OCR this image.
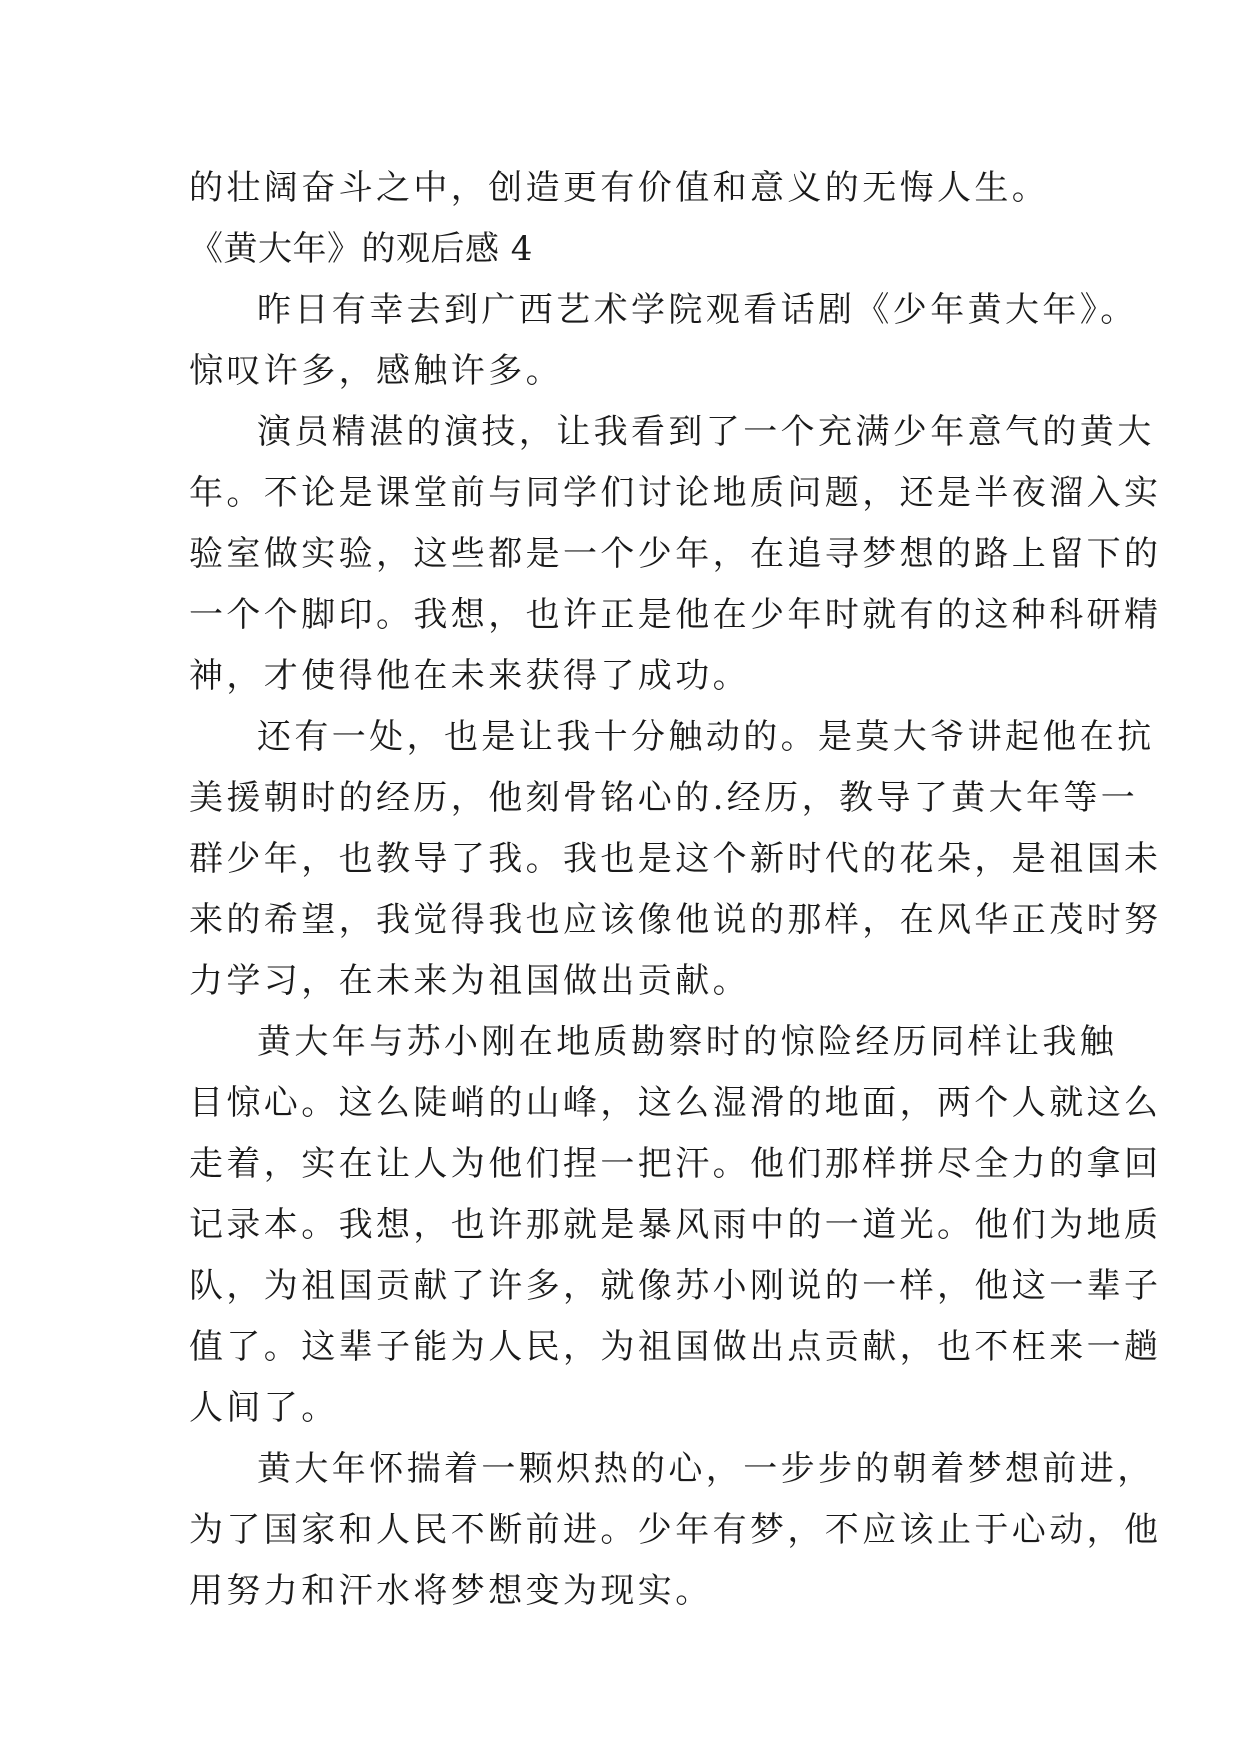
的壮阔奋斗之中，创造更有价值和意义的无悔人生。
《黄大年》的观后感 4
昨日有幸去到广西艺术学院观看话剧《少年黄大年》。
惊叹许多，感触许多。
演员精湛的演技，让我看到了一个充满少年意气的黄大
年。不论是课堂前与同学们讨论地质问题，还是半夜溜入实
验室做实验，这些都是一个少年，在追寻梦想的路上留下的
一个个脚印。我想，也许正是他在少年时就有的这种科研精
神，才使得他在未来获得了成功。
还有一处，也是让我十分触动的。是莫大爷讲起他在抗
美援朝时的经历，他刻骨铭心的.经历，教导了黄大年等一
群少年，也教导了我。我也是这个新时代的花朵，是祖国未
来的希望，我觉得我也应该像他说的那样，在风华正茂时努
力学习，在未来为祖国做出贡献。
黄大年与苏小刚在地质勘察时的惊险经历同样让我触
目惊心。这么陡峭的山峰，这么湿滑的地面，两个人就这么
走着，实在让人为他们捏一把汗。他们那样拼尽全力的拿回
记录本。我想，也许那就是暴风雨中的一道光。他们为地质
队，为祖国贡献了许多，就像苏小刚说的一样，他这一辈子
值了。这辈子能为人民，为祖国做出点贡献，也不枉来一趟
人间了。
黄大年怀揣着一颗炽热的心，一步步的朝着梦想前进，
为了国家和人民不断前进。少年有梦，不应该止于心动，他
用努力和汗水将梦想变为现实。
